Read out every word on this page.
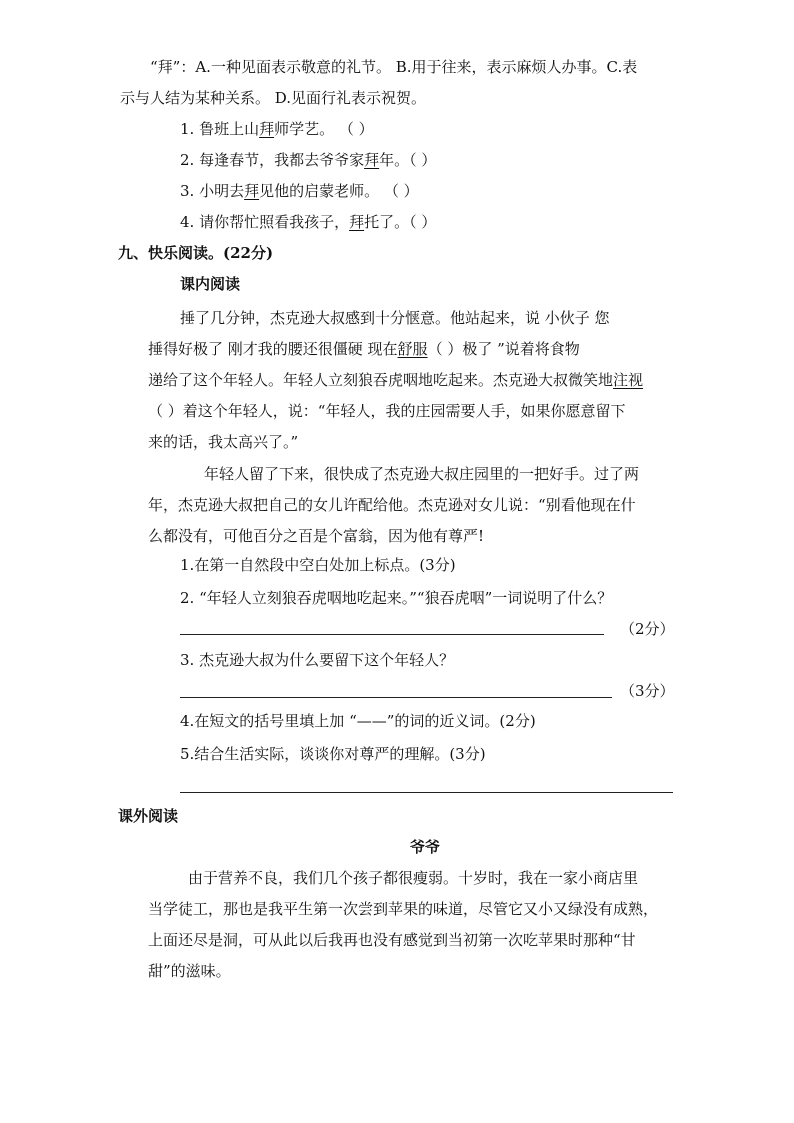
“拜”：A.一种见面表示敬意的礼节。 B.用于往来，表示麻烦人办事。C.表
示与人结为某种关系。 D.见面行礼表示祝贺。
1. 鲁班上山拜师学艺。 （ ）
2. 每逢春节，我都去爷爷家拜年。（ ）
3. 小明去拜见他的启蒙老师。 （ ）
4. 请你帮忙照看我孩子，拜托了。（ ）
九、快乐阅读。(22分)
课内阅读
捶了几分钟，杰克逊大叔感到十分惬意。他站起来，说 小伙子 您
捶得好极了 刚才我的腰还很僵硬 现在舒服（ ）极了 ”说着将食物
递给了这个年轻人。年轻人立刻狼吞虎咽地吃起来。杰克逊大叔微笑地注视
（ ）着这个年轻人，说：“年轻人，我的庄园需要人手，如果你愿意留下
来的话，我太高兴了。”
年轻人留了下来，很快成了杰克逊大叔庄园里的一把好手。过了两
年，杰克逊大叔把自己的女儿许配给他。杰克逊对女儿说：“别看他现在什
么都没有，可他百分之百是个富翁，因为他有尊严!
1.在第一自然段中空白处加上标点。(3分)
2. “年轻人立刻狼吞虎咽地吃起来。”“狼吞虎咽”一词说明了什么？
（2分）
3. 杰克逊大叔为什么要留下这个年轻人？
（3分）
4.在短文的括号里填上加 “——”的词的近义词。(2分)
5.结合生活实际，谈谈你对尊严的理解。(3分)
课外阅读
爷爷
由于营养不良，我们几个孩子都很瘦弱。十岁时，我在一家小商店里
当学徒工，那也是我平生第一次尝到苹果的味道，尽管它又小又绿没有成熟，
上面还尽是洞，可从此以后我再也没有感觉到当初第一次吃苹果时那种“甘
甜”的滋味。
